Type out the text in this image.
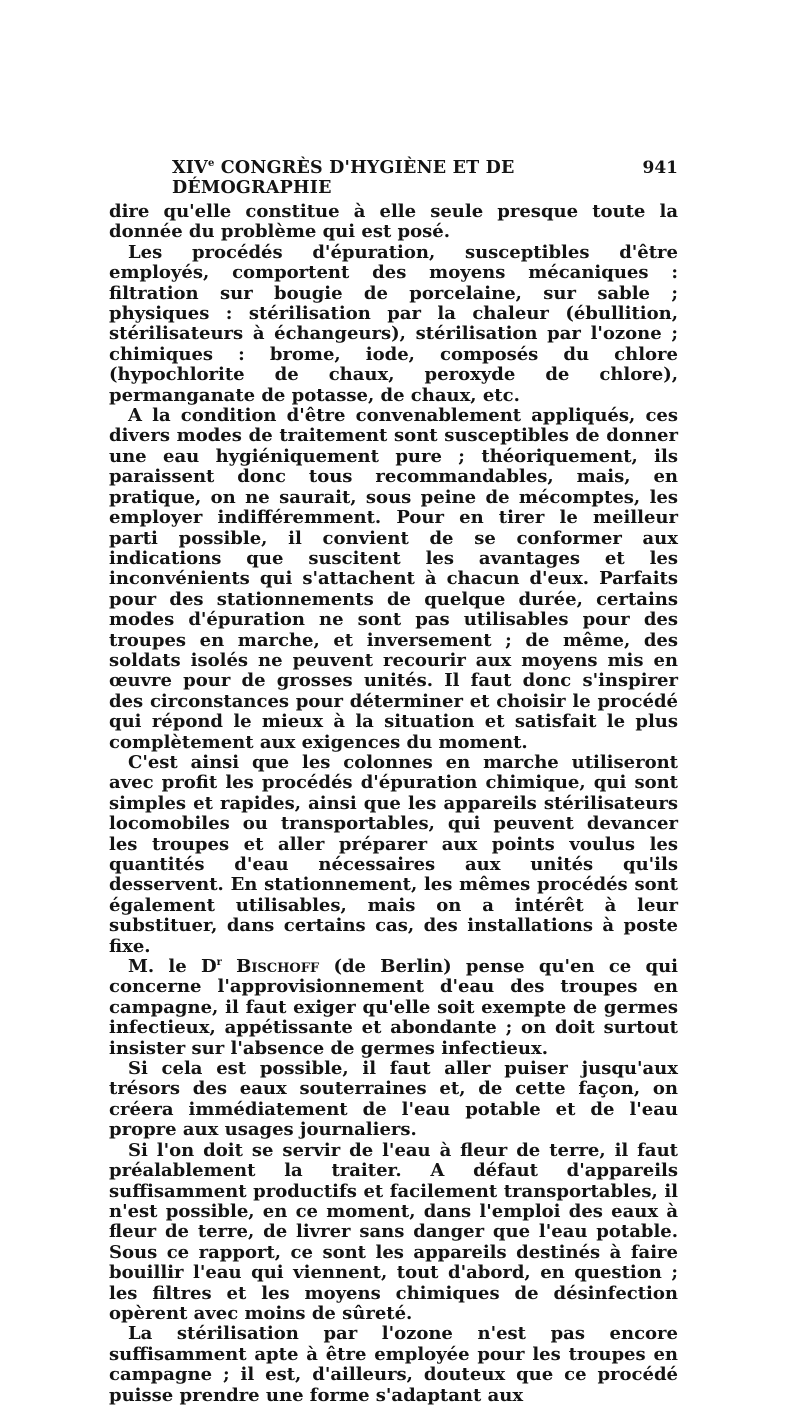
XIVe CONGRÈS D'HYGIÈNE ET DE DÉMOGRAPHIE
941

dire qu'elle constitue à elle seule presque toute la donnée du problème qui est posé.

Les procédés d'épuration, susceptibles d'être employés, comportent des moyens mécaniques : filtration sur bougie de porcelaine, sur sable ; physiques : stérilisation par la chaleur (ébullition, stérilisateurs à échangeurs), stérilisation par l'ozone ; chimiques : brome, iode, composés du chlore (hypochlorite de chaux, peroxyde de chlore), permanganate de potasse, de chaux, etc.

A la condition d'être convenablement appliqués, ces divers modes de traitement sont susceptibles de donner une eau hygiéniquement pure ; théoriquement, ils paraissent donc tous recommandables, mais, en pratique, on ne saurait, sous peine de mécomptes, les employer indifféremment. Pour en tirer le meilleur parti possible, il convient de se conformer aux indications que suscitent les avantages et les inconvénients qui s'attachent à chacun d'eux. Parfaits pour des stationnements de quelque durée, certains modes d'épuration ne sont pas utilisables pour des troupes en marche, et inversement ; de même, des soldats isolés ne peuvent recourir aux moyens mis en œuvre pour de grosses unités. Il faut donc s'inspirer des circonstances pour déterminer et choisir le procédé qui répond le mieux à la situation et satisfait le plus complètement aux exigences du moment.

C'est ainsi que les colonnes en marche utiliseront avec profit les procédés d'épuration chimique, qui sont simples et rapides, ainsi que les appareils stérilisateurs locomobiles ou transportables, qui peuvent devancer les troupes et aller préparer aux points voulus les quantités d'eau nécessaires aux unités qu'ils desservent. En stationnement, les mêmes procédés sont également utilisables, mais on a intérêt à leur substituer, dans certains cas, des installations à poste fixe.

M. le $D^r$ Bischoff (de Berlin) pense qu'en ce qui concerne l'approvisionnement d'eau des troupes en campagne, il faut exiger qu'elle soit exempte de germes infectieux, appétissante et abondante ; on doit surtout insister sur l'absence de germes infectieux.

Si cela est possible, il faut aller puiser jusqu'aux trésors des eaux souterraines et, de cette façon, on créera immédiatement de l'eau potable et de l'eau propre aux usages journaliers.

Si l'on doit se servir de l'eau à fleur de terre, il faut préalablement la traiter. A défaut d'appareils suffisamment productifs et facilement transportables, il n'est possible, en ce moment, dans l'emploi des eaux à fleur de terre, de livrer sans danger que l'eau potable. Sous ce rapport, ce sont les appareils destinés à faire bouillir l'eau qui viennent, tout d'abord, en question ; les filtres et les moyens chimiques de désinfection opèrent avec moins de sûreté.

La stérilisation par l'ozone n'est pas encore suffisamment apte à être employée pour les troupes en campagne ; il est, d'ailleurs, douteux que ce procédé puisse prendre une forme s'adaptant aux
